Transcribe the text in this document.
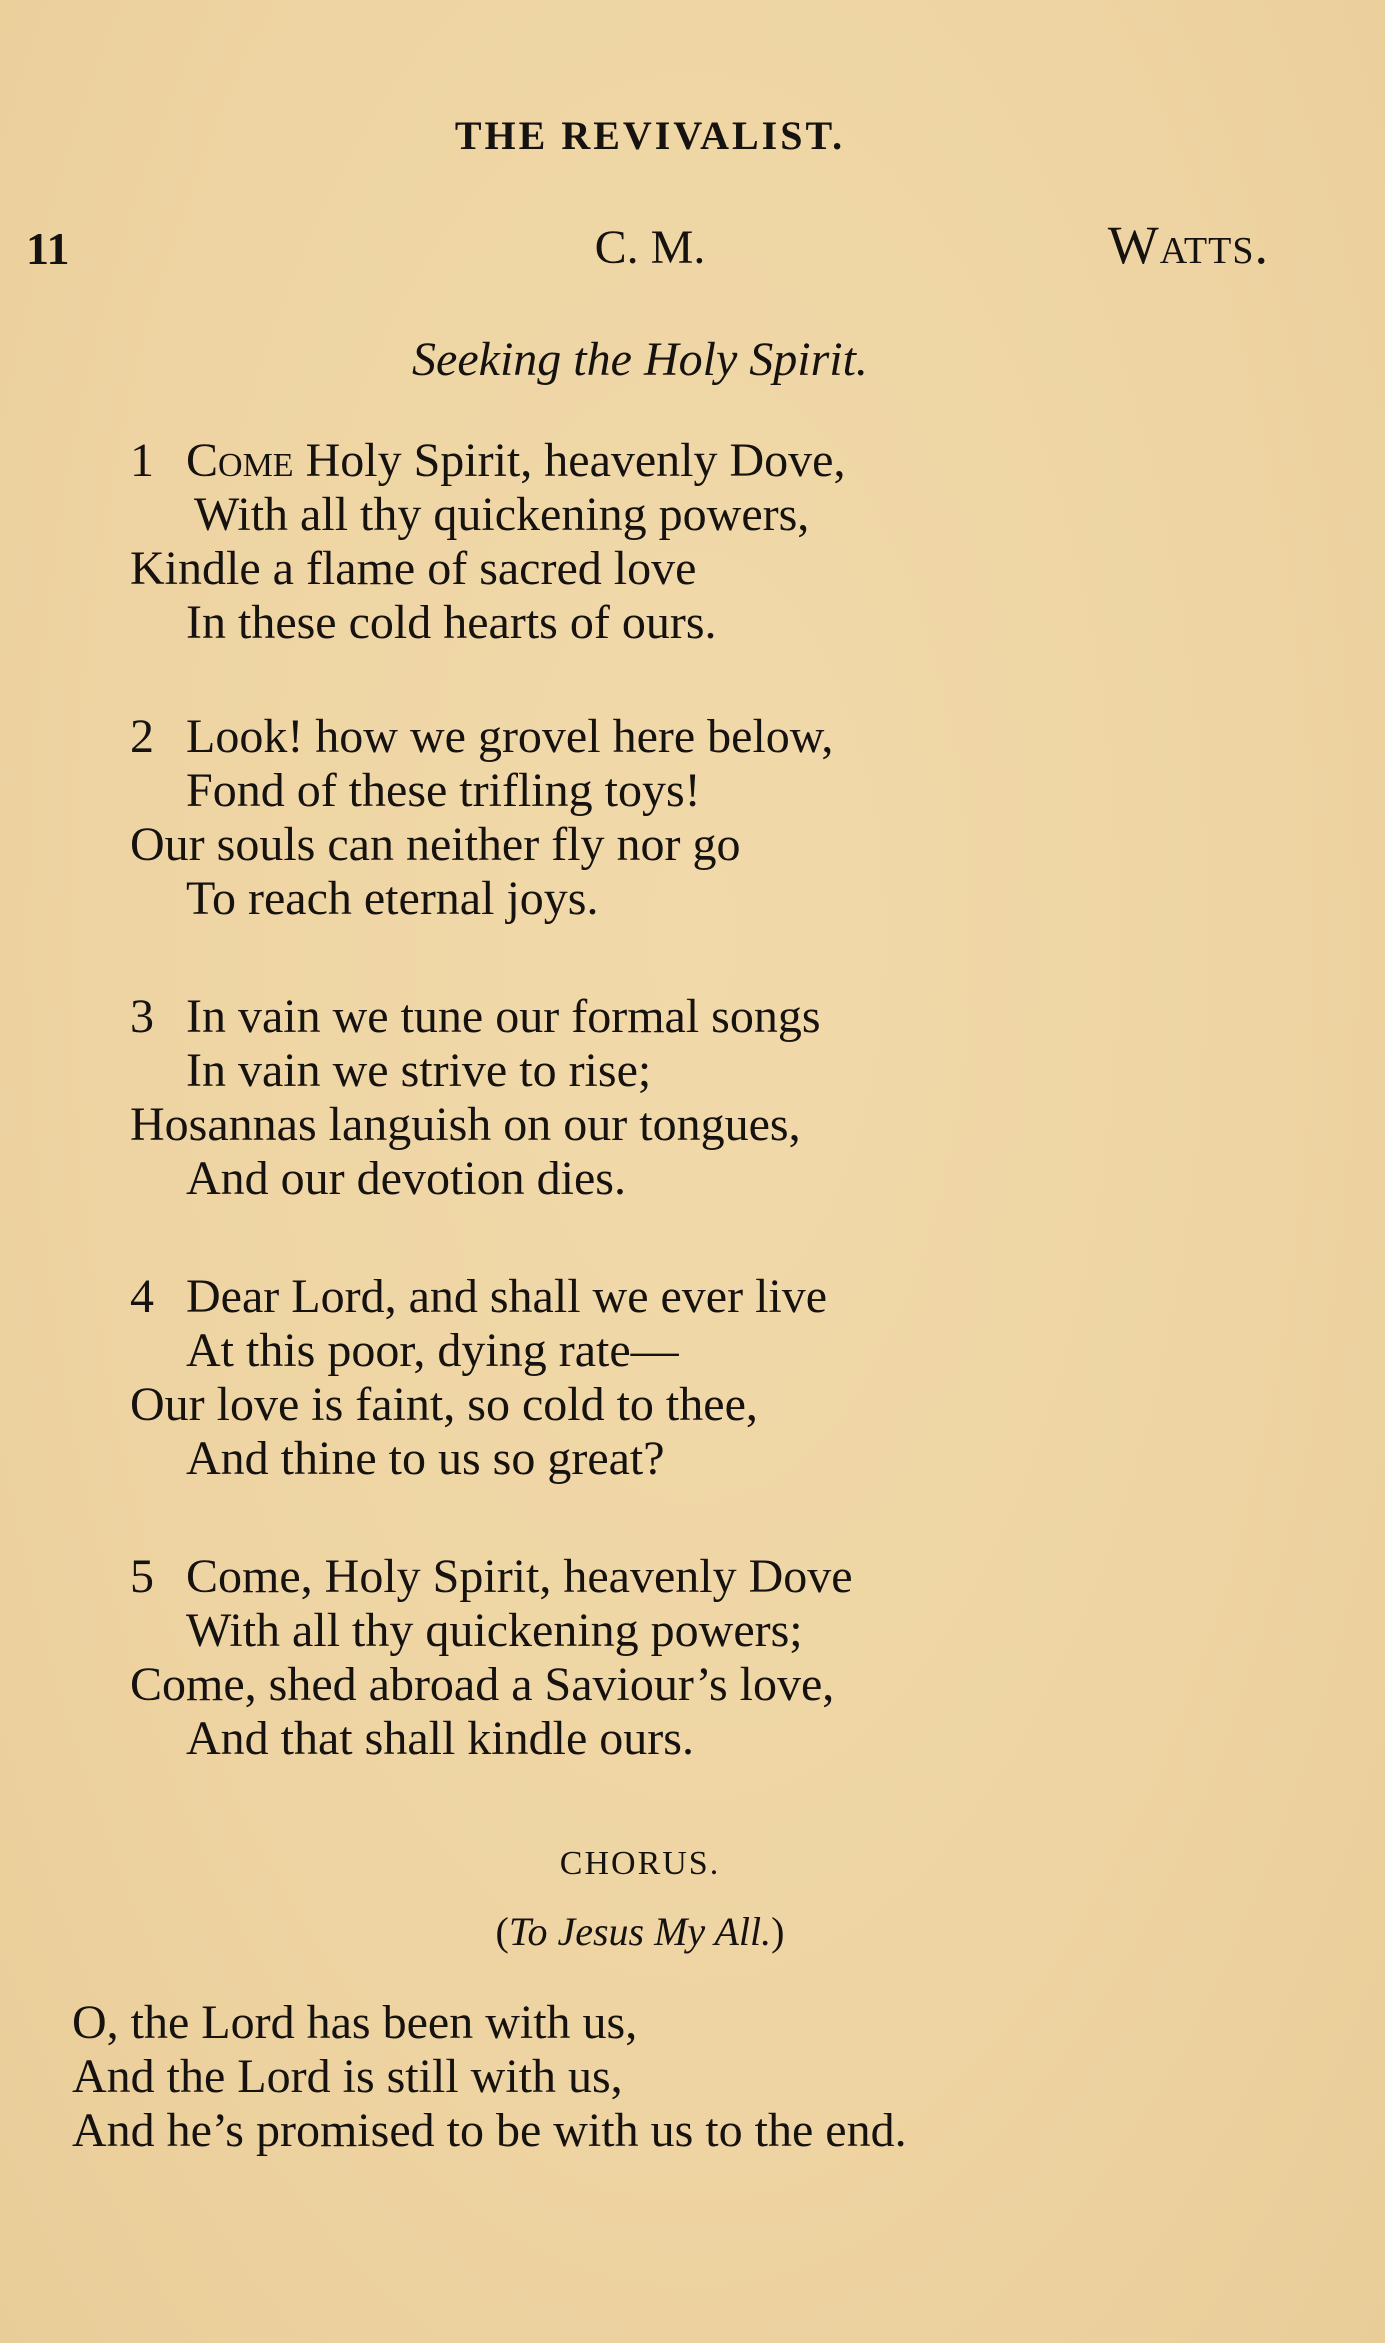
THE REVIVALIST.
11	C. M.	Watts.
Seeking the Holy Spirit.
1 Come Holy Spirit, heavenly Dove,
With all thy quickening powers,
Kindle a flame of sacred love
In these cold hearts of ours.
2 Look! how we grovel here below,
Fond of these trifling toys!
Our souls can neither fly nor go
To reach eternal joys.
3 In vain we tune our formal songs
In vain we strive to rise;
Hosannas languish on our tongues,
And our devotion dies.
4 Dear Lord, and shall we ever live
At this poor, dying rate—
Our love is faint, so cold to thee,
And thine to us so great?
5 Come, Holy Spirit, heavenly Dove
With all thy quickening powers;
Come, shed abroad a Saviour’s love,
And that shall kindle ours.
CHORUS.
(To Jesus My All.)
O, the Lord has been with us,
And the Lord is still with us,
And he’s promised to be with us to the end.
